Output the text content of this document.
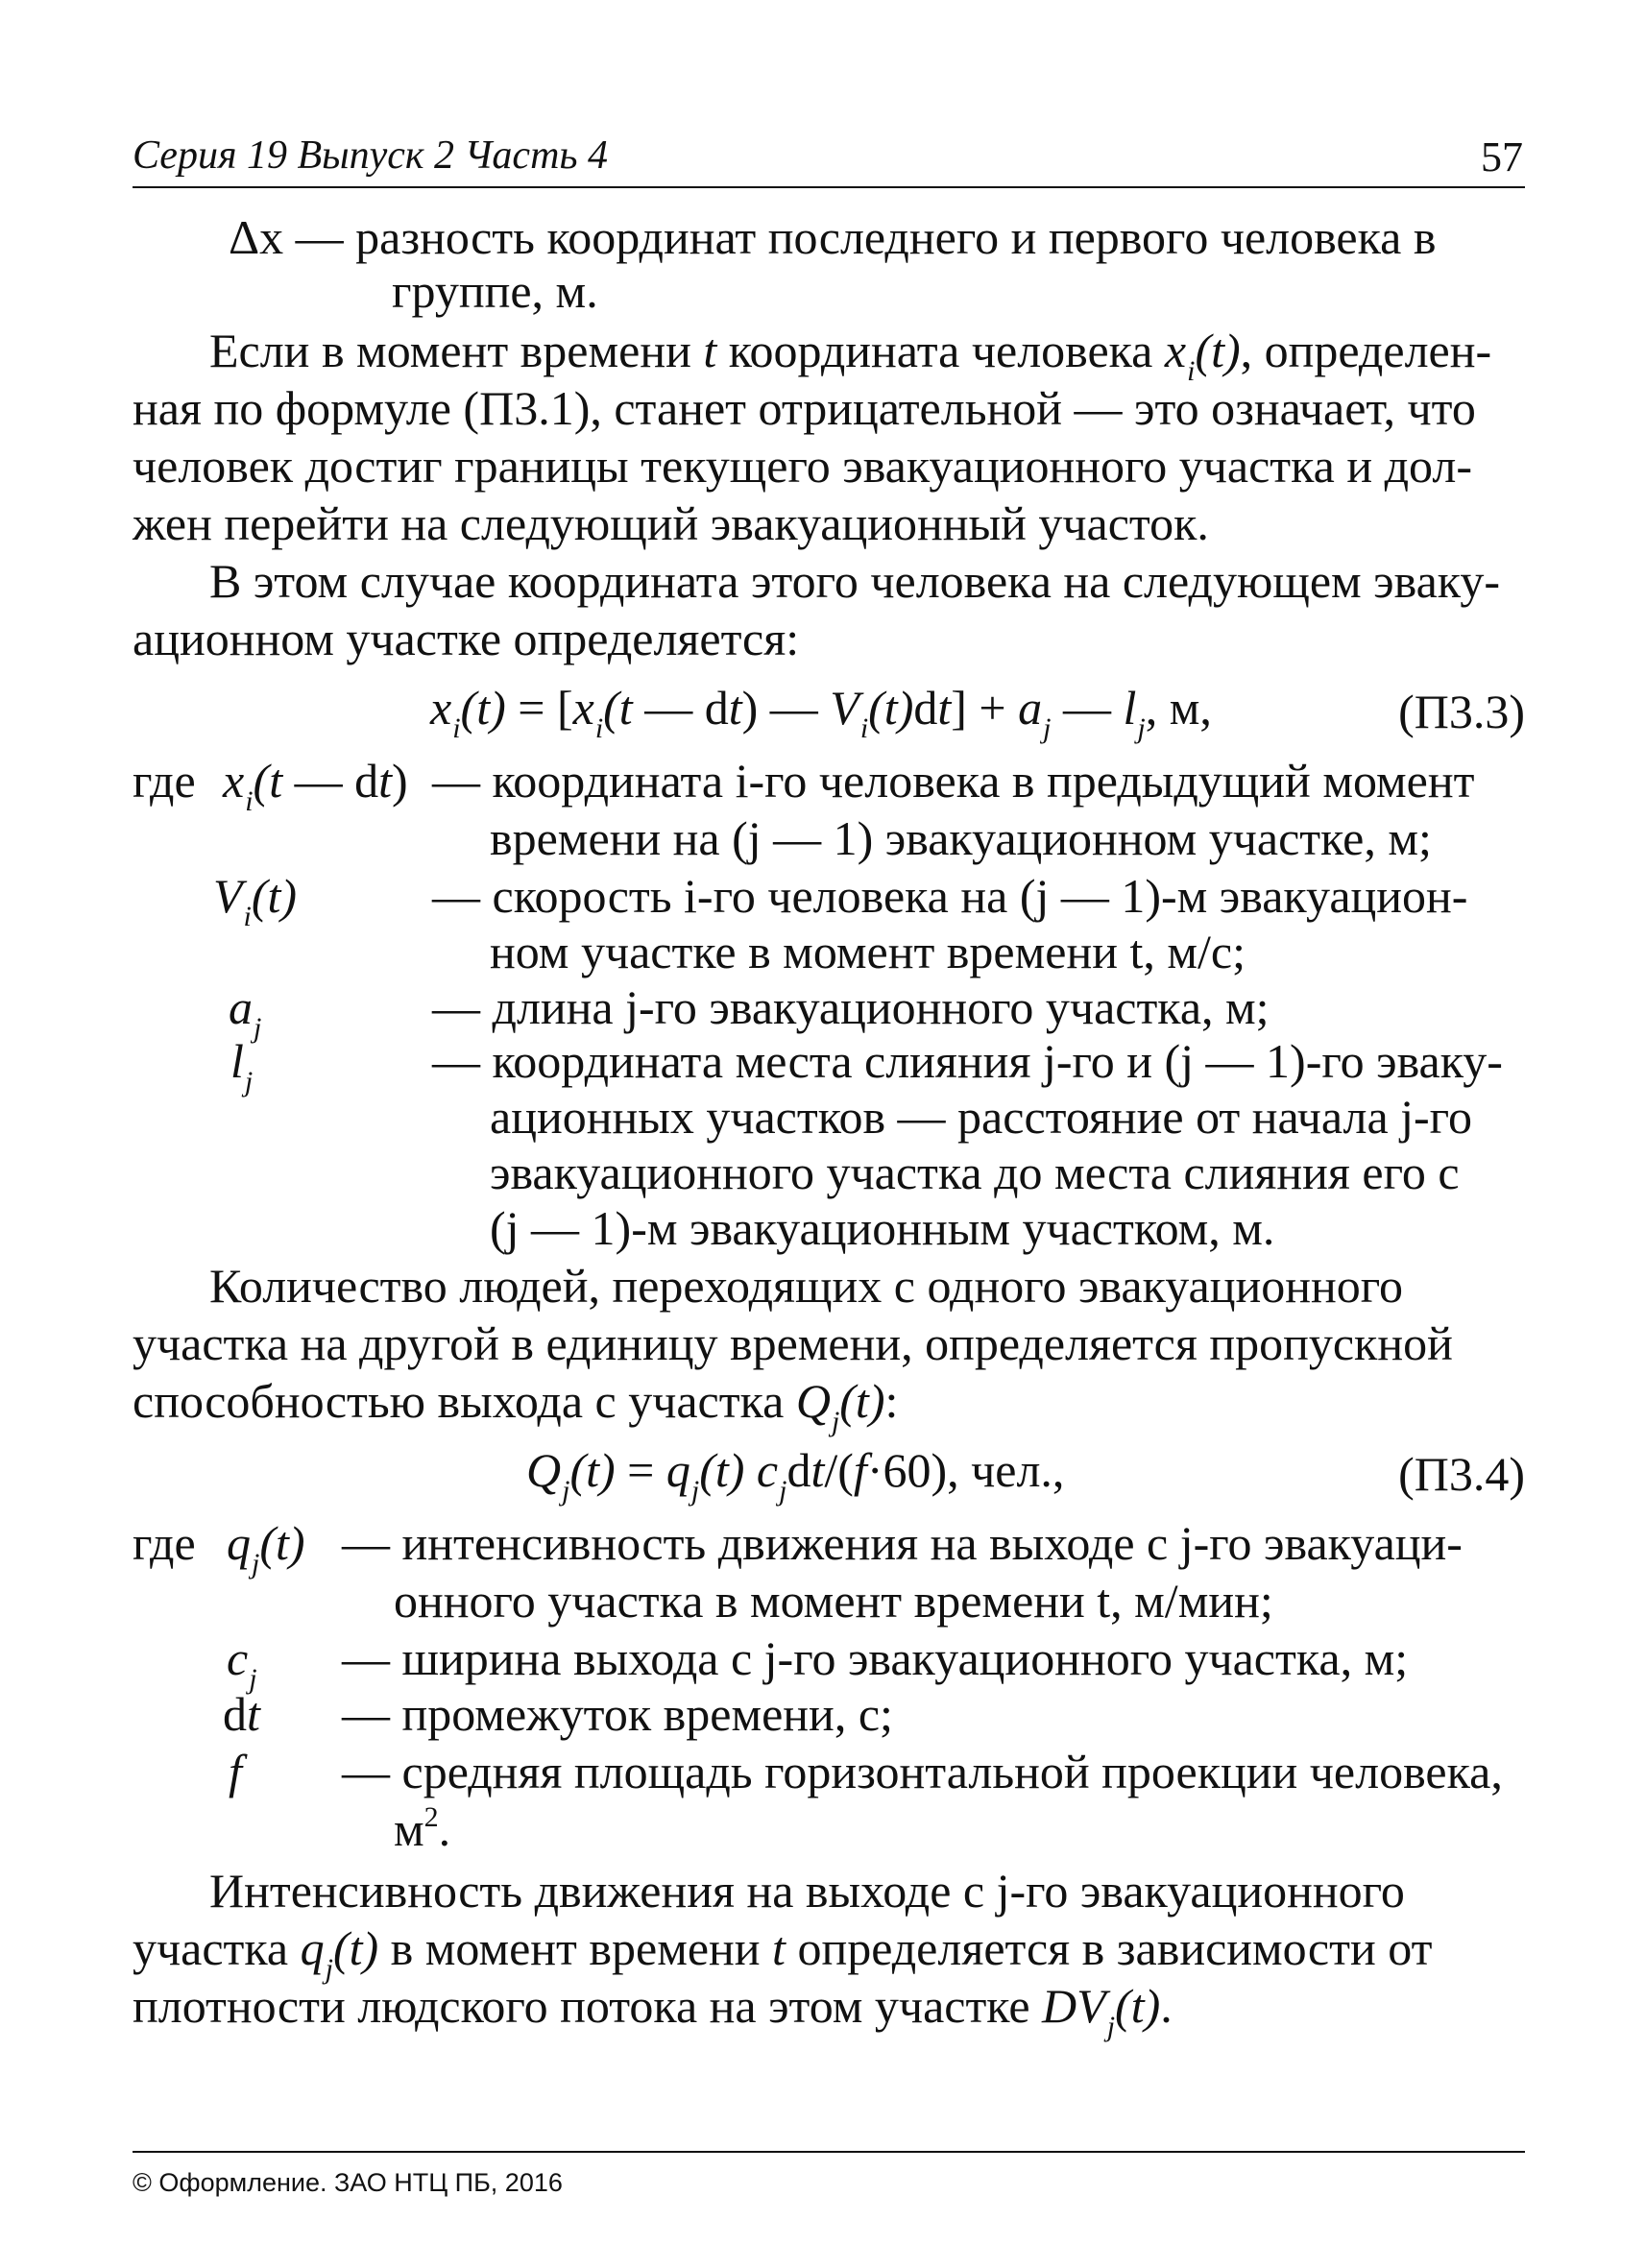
Серия 19 Выпуск 2 Часть 4	57
Δx — разность координат последнего и первого человека в
группе, м.
Если в момент времени t координата человека $x_i(t)$, определен-
ная по формуле (П3.1), станет отрицательной — это означает, что
человек достиг границы текущего эвакуационного участка и дол-
жен перейти на следующий эвакуационный участок.
В этом случае координата этого человека на следующем эваку-
ационном участке определяется:
$x_i(t) = [x_i(t$ — dt) — $V_i(t)dt] + a_j$ — $l_j$, м,	(П3.3)
где $x_i(t$ — dt) — координата i-го человека в предыдущий момент
времени на (j — 1) эвакуационном участке, м;
$V_i(t)$	— скорость i-го человека на (j — 1)-м эвакуацион-
ном участке в момент времени t, м/с;
$a_j$	— длина j-го эвакуационного участка, м;
$l_j$	— координата места слияния j-го и (j — 1)-го эваку-
ационных участков — расстояние от начала j-го
эвакуационного участка до места слияния его с
(j — 1)-м эвакуационным участком, м.
Количество людей, переходящих с одного эвакуационного
участка на другой в единицу времени, определяется пропускной
способностью выхода с участка $Q_j(t)$:
$Q_j(t) = q_j(t)$ $c_jdt/(f\cdot 60)$, чел.,	(П3.4)
где $q_j(t)$ — интенсивность движения на выходе с j-го эвакуаци-
онного участка в момент времени t, м/мин;
$c_j$ — ширина выхода с j-го эвакуационного участка, м;
dt — промежуток времени, с;
f — средняя площадь горизонтальной проекции человека,
$м^2$.
Интенсивность движения на выходе с j-го эвакуационного
участка $q_j(t)$ в момент времени t определяется в зависимости от
плотности людского потока на этом участке $DV_j(t)$.
© Оформление. ЗАО НТЦ ПБ, 2016
